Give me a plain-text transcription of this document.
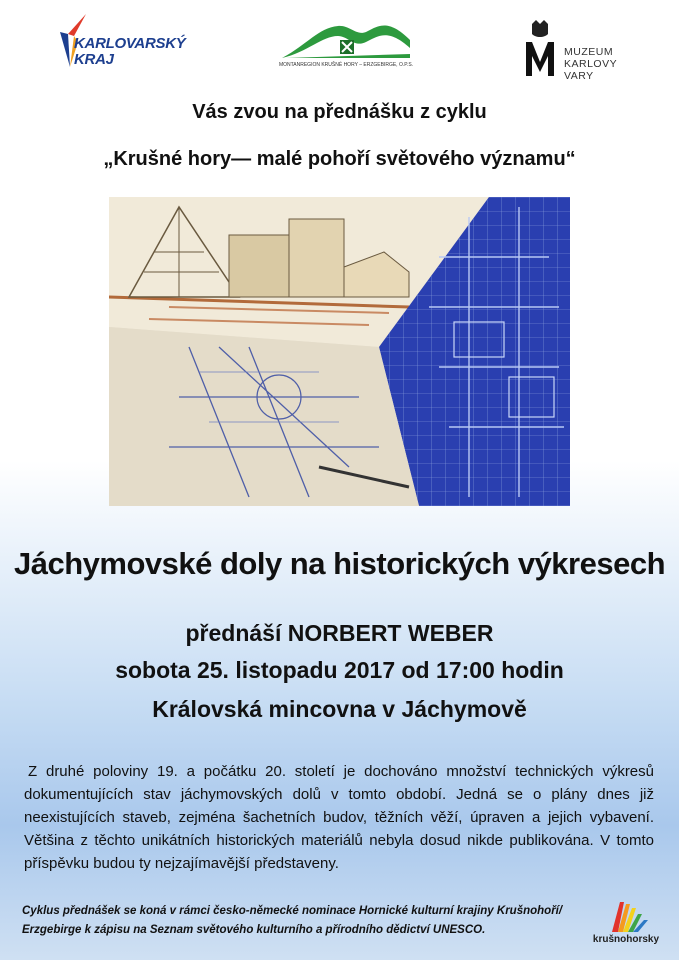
KARLOVARSKÝ
KRAJ	MONTANREGION KRUŠNÉ HORY – ERZGEBIRGE, O.P.S.
MUZEUM
KARLOVY VARY
Vás zvou na přednášku z cyklu
„Krušné hory— malé pohoří světového významu“
Jáchymovské doly na historických výkresech
přednáší NORBERT WEBER
sobota 25. listopadu 2017 od 17:00 hodin
Královská mincovna v Jáchymově
Z druhé poloviny 19. a počátku 20. století je dochováno množství technických výkresů dokumentujících stav jáchymovských dolů v tomto období. Jedná se o plány dnes již neexistujících staveb, zejména šachetních budov, těžních věží, úpraven a jejich vybavení. Většina z těchto unikátních historických materiálů nebyla dosud nikde publikována. V tomto příspěvku budou ty nejzajímavější představeny.
Cyklus přednášek se koná v rámci česko-německé nominace Hornické kulturní krajiny Krušnohoří/ Erzgebirge k zápisu na Seznam světového kulturního a přírodního dědictví UNESCO.
krušnohorsky
